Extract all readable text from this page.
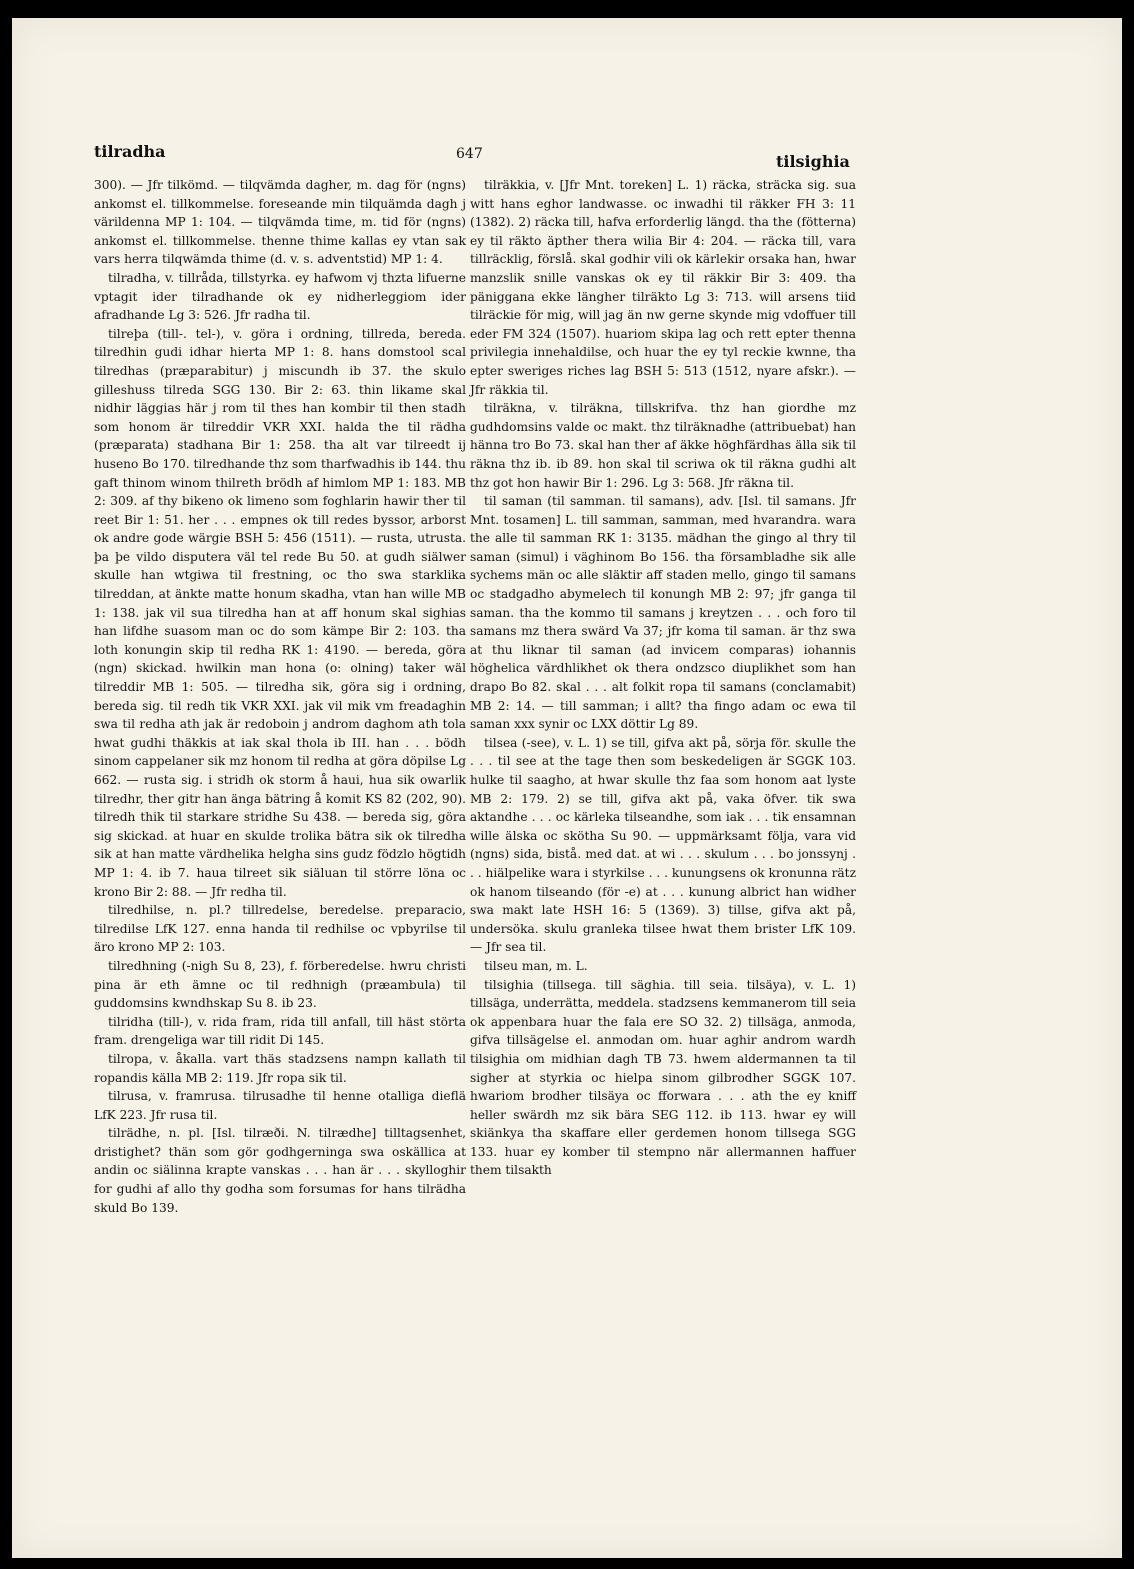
tilradha	647	tilsighia

300). — Jfr tilkömd. — tilqvämda dagher, m. dag för (ngns) ankomst el. tillkommelse. foreseande min tilquämda dagh j värildenna MP 1: 104. — tilqvämda time, m. tid för (ngns) ankomst el. tillkommelse. thenne thime kallas ey vtan sak vars herra tilqwämda thime (d. v. s. adventstid) MP 1: 4.

tilradha, v. tillråda, tillstyrka. ey hafwom vj thzta lifuerne vptagit ider tilradhande ok ey nidherleggiom ider afradhande Lg 3: 526. Jfr radha til.

tilreþa (till-. tel-), v. göra i ordning, tillreda, bereda. tilredhin gudi idhar hierta MP 1: 8. hans domstool scal tilredhas (præparabitur) j miscundh ib 37. the skulo gilleshuss tilreda SGG 130. Bir 2: 63. thin likame skal nidhir läggias här j rom til thes han kombir til then stadh som honom är tilreddir VKR XXI. halda the til rädha (præparata) stadhana Bir 1: 258. tha alt var tilreedt ij huseno Bo 170. tilredhande thz som tharfwadhis ib 144. thu gaft thinom winom thilreth brödh af himlom MP 1: 183. MB 2: 309. af thy bikeno ok limeno som foghlarin hawir ther til reet Bir 1: 51. her . . . empnes ok till redes byssor, arborst ok andre gode wärgie BSH 5: 456 (1511). — rusta, utrusta. þa þe vildo disputera väl tel rede Bu 50. at gudh siälwer skulle han wtgiwa til frestning, oc tho swa starklika tilreddan, at änkte matte honum skadha, vtan han wille MB 1: 138. jak vil sua tilredha han at aff honum skal sighias han lifdhe suasom man oc do som kämpe Bir 2: 103. tha loth konungin skip til redha RK 1: 4190. — bereda, göra (ngn) skickad. hwilkin man hona (o: olning) taker wäl tilreddir MB 1: 505. — tilredha sik, göra sig i ordning, bereda sig. til redh tik VKR XXI. jak vil mik vm freadaghin swa til redha ath jak är redoboin j androm daghom ath tola hwat gudhi thäkkis at iak skal thola ib III. han . . . bödh sinom cappelaner sik mz honom til redha at göra döpilse Lg 662. — rusta sig. i stridh ok storm å haui, hua sik owarlik tilredhr, ther gitr han änga bätring å komit KS 82 (202, 90). tilredh thik til starkare stridhe Su 438. — bereda sig, göra sig skickad. at huar en skulde trolika bätra sik ok tilredha sik at han matte värdhelika helgha sins gudz födzlo högtidh MP 1: 4. ib 7. haua tilreet sik siäluan til större löna oc krono Bir 2: 88. — Jfr redha til.

tilredhilse, n. pl.? tillredelse, beredelse. preparacio, tilredilse LfK 127. enna handa til redhilse oc vpbyrilse til äro krono MP 2: 103.

tilredhning (-nigh Su 8, 23), f. förberedelse. hwru christi pina är eth ämne oc til redhnigh (præambula) til guddomsins kwndhskap Su 8. ib 23.

tilridha (till-), v. rida fram, rida till anfall, till häst störta fram. drengeliga war till ridit Di 145.

tilropa, v. åkalla. vart thäs stadzsens nampn kallath til ropandis källa MB 2: 119. Jfr ropa sik til.

tilrusa, v. framrusa. tilrusadhe til henne otalliga dieflä LfK 223. Jfr rusa til.

tilrädhe, n. pl. [Isl. tilræði. N. tilrædhe] tilltagsenhet, dristighet? thän som gör godhgerninga swa oskällica at andin oc siälinna krapte vanskas . . . han är . . . skylloghir for gudhi af allo thy godha som forsumas for hans tilrädha skuld Bo 139.

tilräkkia, v. [Jfr Mnt. toreken] L. 1) räcka, sträcka sig. sua witt hans eghor landwasse. oc inwadhi til räkker FH 3: 11 (1382). 2) räcka till, hafva erforderlig längd. tha the (fötterna) ey til räkto äpther thera wilia Bir 4: 204. — räcka till, vara tillräcklig, förslå. skal godhir vili ok kärlekir orsaka han, hwar manzslik snille vanskas ok ey til räkkir Bir 3: 409. tha päniggana ekke längher tilräkto Lg 3: 713. will arsens tiid tilräckie för mig, will jag än nw gerne skynde mig vdoffuer till eder FM 324 (1507). huariom skipa lag och rett epter thenna privilegia innehaldilse, och huar the ey tyl reckie kwnne, tha epter sweriges riches lag BSH 5: 513 (1512, nyare afskr.). — Jfr räkkia til.

tilräkna, v. tilräkna, tillskrifva. thz han giordhe mz gudhdomsins valde oc makt. thz tilräknadhe (attribuebat) han hänna tro Bo 73. skal han ther af äkke höghfärdhas älla sik til räkna thz ib. ib 89. hon skal til scriwa ok til räkna gudhi alt thz got hon hawir Bir 1: 296. Lg 3: 568. Jfr räkna til.

til saman (til samman. til samans), adv. [Isl. til samans. Jfr Mnt. tosamen] L. till samman, samman, med hvarandra. wara the alle til samman RK 1: 3135. mädhan the gingo al thry til saman (simul) i väghinom Bo 156. tha försambladhe sik alle sychems män oc alle släktir aff staden mello, gingo til samans oc stadgadho abymelech til konungh MB 2: 97; jfr ganga til saman. tha the kommo til samans j kreytzen . . . och foro til samans mz thera swärd Va 37; jfr koma til saman. är thz swa at thu liknar til saman (ad invicem comparas) iohannis höghelica värdhlikhet ok thera ondzsco diuplikhet som han drapo Bo 82. skal . . . alt folkit ropa til samans (conclamabit) MB 2: 14. — till samman; i allt? tha fingo adam oc ewa til saman xxx synir oc LXX döttir Lg 89.

tilsea (-see), v. L. 1) se till, gifva akt på, sörja för. skulle the . . . til see at the tage then som beskedeligen är SGGK 103. hulke til saagho, at hwar skulle thz faa som honom aat lyste MB 2: 179. 2) se till, gifva akt på, vaka öfver. tik swa aktandhe . . . oc kärleka tilseandhe, som iak . . . tik ensamnan wille älska oc skötha Su 90. — uppmärksamt följa, vara vid (ngns) sida, bistå. med dat. at wi . . . skulum . . . bo jonssynj . . . hiälpelike wara i styrkilse . . . kunungsens ok kronunna rätz ok hanom tilseando (för -e) at . . . kunung albrict han widher swa makt late HSH 16: 5 (1369). 3) tillse, gifva akt på, undersöka. skulu granleka tilsee hwat them brister LfK 109. — Jfr sea til.

tilseu man, m. L.

tilsighia (tillsega. till säghia. till seia. tilsäya), v. L. 1) tillsäga, underrätta, meddela. stadzsens kemmanerom till seia ok appenbara huar the fala ere SO 32. 2) tillsäga, anmoda, gifva tillsägelse el. anmodan om. huar aghir androm wardh tilsighia om midhian dagh TB 73. hwem aldermannen ta til sigher at styrkia oc hielpa sinom gilbrodher SGGK 107. hwariom brodher tilsäya oc fforwara . . . ath the ey kniff heller swärdh mz sik bära SEG 112. ib 113. hwar ey will skiänkya tha skaffare eller gerdemen honom tillsega SGG 133. huar ey komber til stempno när allermannen haffuer them tilsakth
